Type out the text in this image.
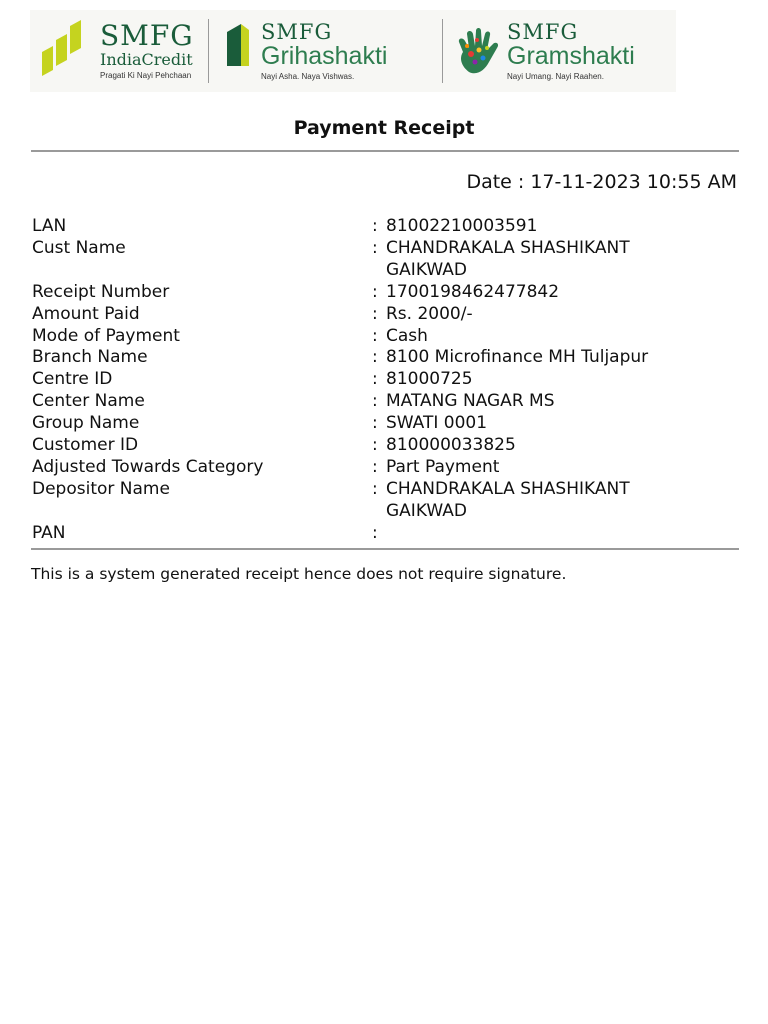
SMFG
IndiaCredit
Pragati Ki Nayi Pehchaan
SMFG
Grihashakti
Nayi Asha. Naya Vishwas.
SMFG
Gramshakti
Nayi Umang. Nayi Raahen.
Payment Receipt
Date : 17-11-2023 10:55 AM
LAN	: 81002210003591
Cust Name	: CHANDRAKALA SHASHIKANT
GAIKWAD
Receipt Number	: 1700198462477842
Amount Paid	: Rs. 2000/-
Mode of Payment	: Cash
Branch Name	: 8100 Microfinance MH Tuljapur
Centre ID	: 81000725
Center Name	: MATANG NAGAR MS
Group Name	: SWATI 0001
Customer ID	: 810000033825
Adjusted Towards Category	: Part Payment
Depositor Name	: CHANDRAKALA SHASHIKANT
GAIKWAD
PAN	:
This is a system generated receipt hence does not require signature.
